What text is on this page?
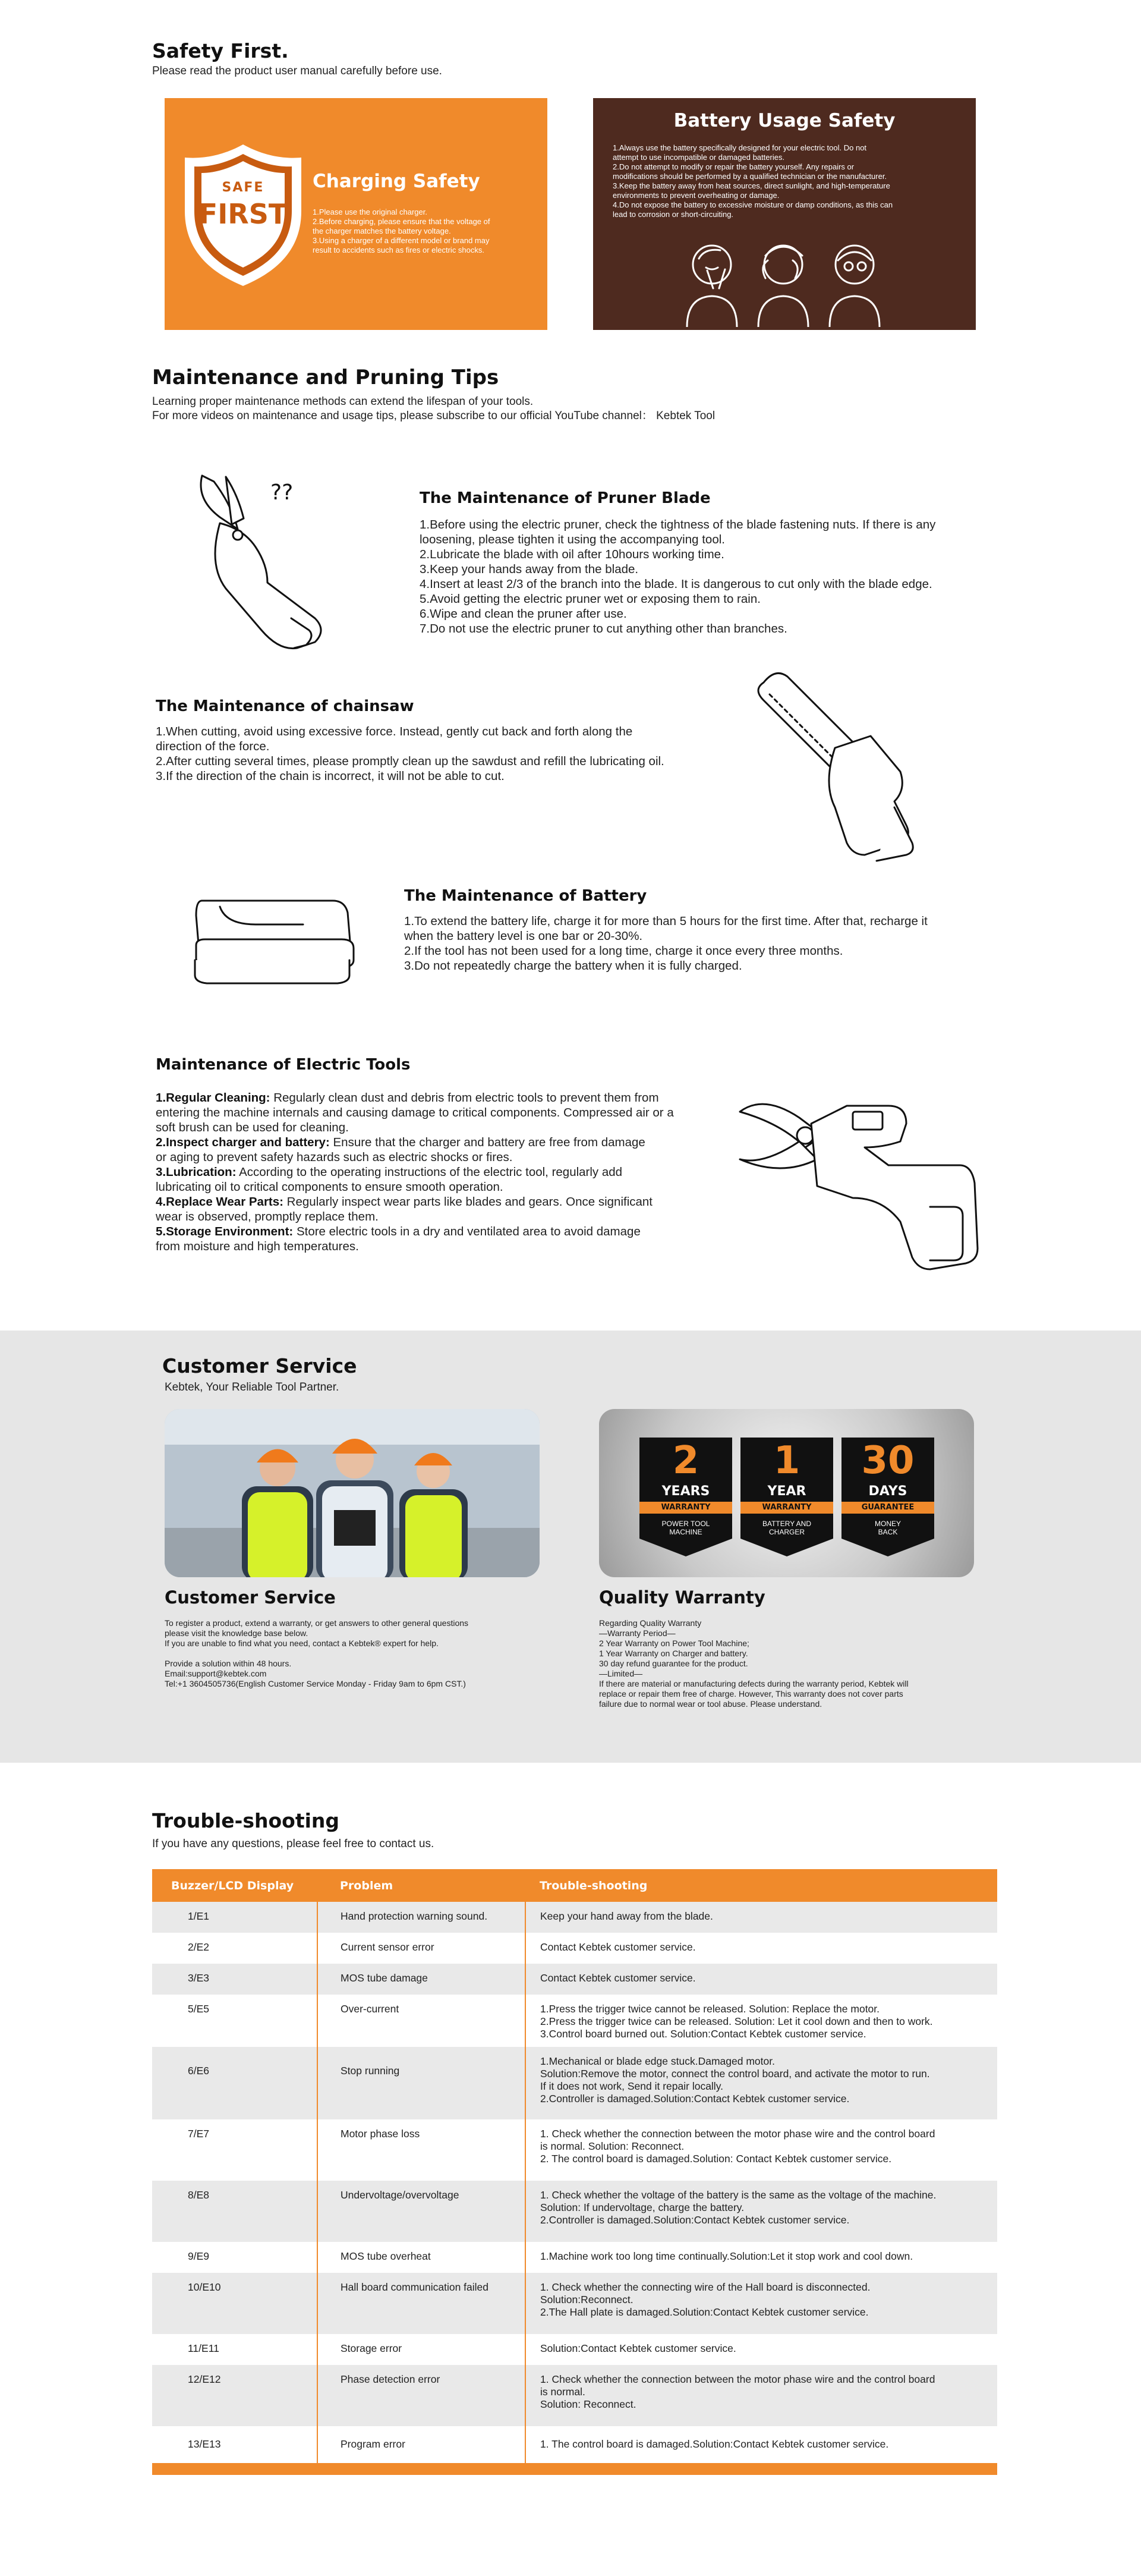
Safety First.
Please read the product user manual carefully before use.
SAFE
FIRST
Charging Safety
1.Please use the original charger.
2.Before charging, please ensure that the voltage of
the charger matches the battery voltage.
3.Using a charger of a different model or brand may
result to accidents such as fires or electric shocks.
Battery Usage Safety
1.Always use the battery specifically designed for your electric tool. Do not
attempt to use incompatible or damaged batteries.
2.Do not attempt to modify or repair the battery yourself. Any repairs or
modifications should be performed by a qualified technician or the manufacturer.
3.Keep the battery away from heat sources, direct sunlight, and high-temperature
environments to prevent overheating or damage.
4.Do not expose the battery to excessive moisture or damp conditions, as this can
lead to corrosion or short-circuiting.
Maintenance and Pruning Tips
Learning proper maintenance methods can extend the lifespan of your tools.
For more videos on maintenance and usage tips, please subscribe to our official YouTube channel： Kebtek Tool
??	The Maintenance of Pruner Blade
1.Before using the electric pruner, check the tightness of the blade fastening nuts. If there is any
loosening, please tighten it using the accompanying tool.
2.Lubricate the blade with oil after 10hours working time.
3.Keep your hands away from the blade.
4.Insert at least 2/3 of the branch into the blade. It is dangerous to cut only with the blade edge.
5.Avoid getting the electric pruner wet or exposing them to rain.
6.Wipe and clean the pruner after use.
7.Do not use the electric pruner to cut anything other than branches.
The Maintenance of chainsaw
1.When cutting, avoid using excessive force. Instead, gently cut back and forth along the
direction of the force.
2.After cutting several times, please promptly clean up the sawdust and refill the lubricating oil.
3.If the direction of the chain is incorrect, it will not be able to cut.
The Maintenance of Battery
1.To extend the battery life, charge it for more than 5 hours for the first time. After that, recharge it
when the battery level is one bar or 20-30%.
2.If the tool has not been used for a long time, charge it once every three months.
3.Do not repeatedly charge the battery when it is fully charged.
Maintenance of Electric Tools
1.Regular Cleaning: Regularly clean dust and debris from electric tools to prevent them from
entering the machine internals and causing damage to critical components. Compressed air or a
soft brush can be used for cleaning.
2.Inspect charger and battery: Ensure that the charger and battery are free from damage
or aging to prevent safety hazards such as electric shocks or fires.
3.Lubrication: According to the operating instructions of the electric tool, regularly add
lubricating oil to critical components to ensure smooth operation.
4.Replace Wear Parts: Regularly inspect wear parts like blades and gears. Once significant
wear is observed, promptly replace them.
5.Storage Environment: Store electric tools in a dry and ventilated area to avoid damage
from moisture and high temperatures.
Customer Service
Kebtek, Your Reliable Tool Partner.
2
YEARS
WARRANTY
POWER TOOL
MACHINE
1
YEAR
WARRANTY
BATTERY AND
CHARGER
30
DAYS
GUARANTEE
MONEY
BACK
Customer Service
To register a product, extend a warranty, or get answers to other general questions
please visit the knowledge base below.
If you are unable to find what you need, contact a Kebtek® expert for help.
Provide a solution within 48 hours.
Email:support@kebtek.com
Tel:+1 3604505736(English Customer Service Monday - Friday 9am to 6pm CST.)
Quality Warranty
Regarding Quality Warranty
—Warranty Period—
2 Year Warranty on Power Tool Machine;
1 Year Warranty on Charger and battery.
30 day refund guarantee for the product.
—Limited—
If there are material or manufacturing defects during the warranty period, Kebtek will
replace or repair them free of charge. However, This warranty does not cover parts
failure due to normal wear or tool abuse. Please understand.
Trouble-shooting
If you have any questions, please feel free to contact us.
Buzzer/LCD Display	Problem	Trouble-shooting
1/E1	Hand protection warning sound.	Keep your hand away from the blade.

2/E2	Current sensor error	Contact Kebtek customer service.

3/E3	MOS tube damage	Contact Kebtek customer service.

5/E5	Over-current	1.Press the trigger twice cannot be released. Solution: Replace the motor.
2.Press the trigger twice can be released. Solution: Let it cool down and then to work.
3.Control board burned out. Solution:Contact Kebtek customer service.

6/E6	Stop running	1.Mechanical or blade edge stuck.Damaged motor.
Solution:Remove the motor, connect the control board, and activate the motor to run.
If it does not work, Send it repair locally.
2.Controller is damaged.Solution:Contact Kebtek customer service.

7/E7	Motor phase loss	1. Check whether the connection between the motor phase wire and the control board
is normal. Solution: Reconnect.
2. The control board is damaged.Solution: Contact Kebtek customer service.

8/E8	Undervoltage/overvoltage	1. Check whether the voltage of the battery is the same as the voltage of the machine.
Solution: If undervoltage, charge the battery.
2.Controller is damaged.Solution:Contact Kebtek customer service.

9/E9	MOS tube overheat	1.Machine work too long time continually.Solution:Let it stop work and cool down.

10/E10	Hall board communication failed	1. Check whether the connecting wire of the Hall board is disconnected.
Solution:Reconnect.
2.The Hall plate is damaged.Solution:Contact Kebtek customer service.

11/E11	Storage error	Solution:Contact Kebtek customer service.

12/E12	Phase detection error	1. Check whether the connection between the motor phase wire and the control board
is normal.
Solution: Reconnect.

13/E13	Program error	1. The control board is damaged.Solution:Contact Kebtek customer service.
